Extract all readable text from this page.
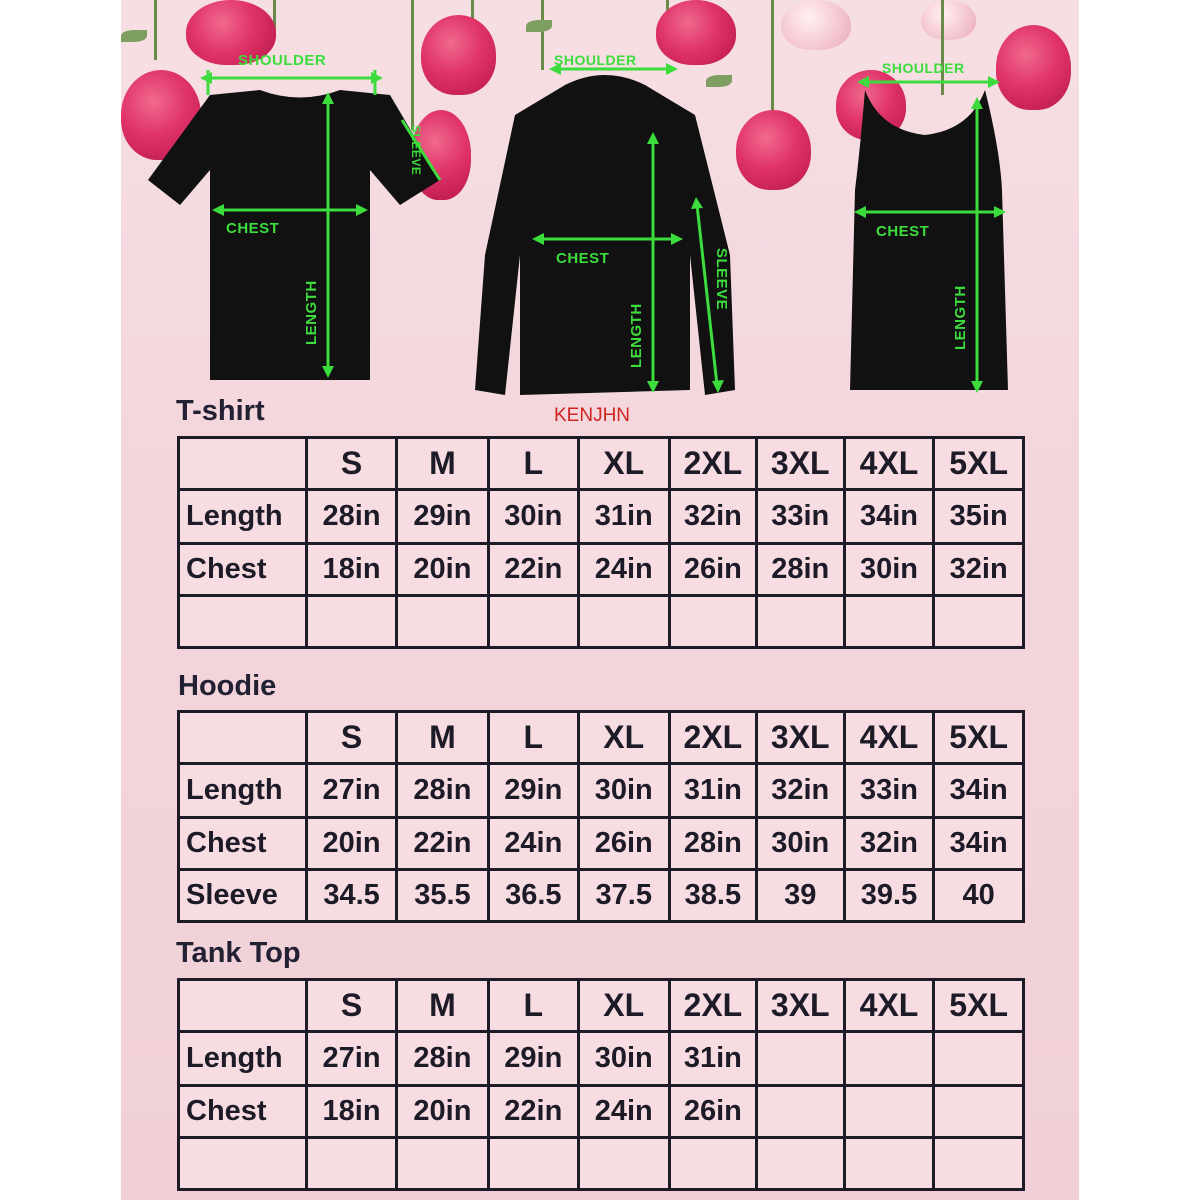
SHOULDER
CHEST
LENGTH
SLEEVE
SHOULDER
CHEST
LENGTH
SLEEVE
KENJHN
SHOULDER
CHEST
LENGTH
T-shirt
Hoodie
Tank Top
	S	M	L	XL	2XL	3XL	4XL	5XL
Length	28in	29in	30in	31in	32in	33in	34in	35in
Chest	18in	20in	22in	24in	26in	28in	30in	32in

	S	M	L	XL	2XL	3XL	4XL	5XL
Length	27in	28in	29in	30in	31in	32in	33in	34in
Chest	20in	22in	24in	26in	28in	30in	32in	34in
Sleeve	34.5	35.5	36.5	37.5	38.5	39	39.5	40
	S	M	L	XL	2XL	3XL	4XL	5XL
Length	27in	28in	29in	30in	31in			
Chest	18in	20in	22in	24in	26in			
